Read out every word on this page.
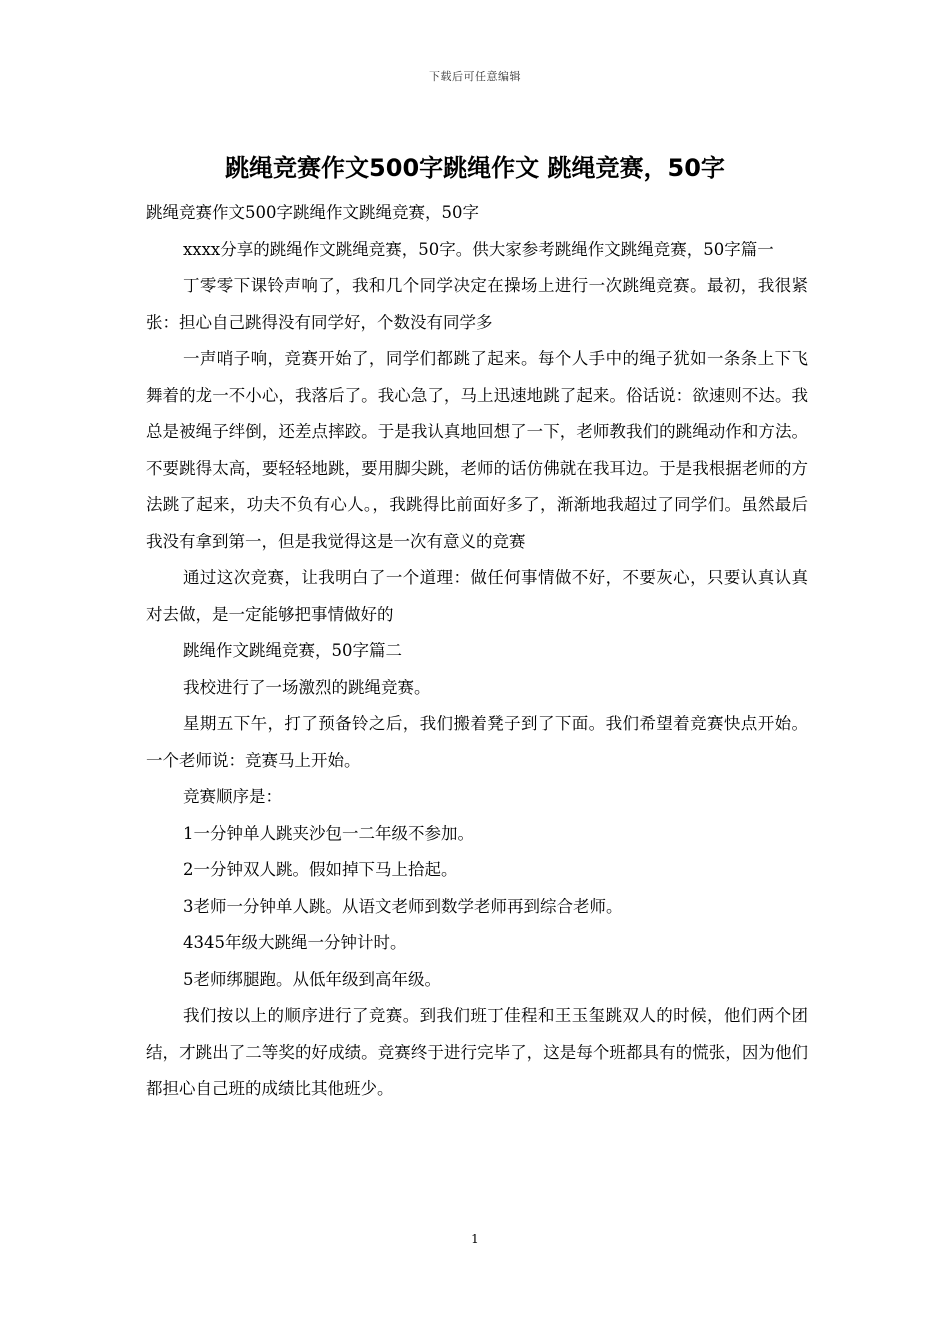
下载后可任意编辑
跳绳竞赛作文500字跳绳作文 跳绳竞赛，50字

跳绳竞赛作文500字跳绳作文跳绳竞赛，50字

xxxx分享的跳绳作文跳绳竞赛，50字。供大家参考跳绳作文跳绳竞赛，50字篇一

丁零零下课铃声响了，我和几个同学决定在操场上进行一次跳绳竞赛。最初，我很紧张：担心自己跳得没有同学好，个数没有同学多

一声哨子响，竞赛开始了，同学们都跳了起来。每个人手中的绳子犹如一条条上下飞舞着的龙一不小心，我落后了。我心急了，马上迅速地跳了起来。俗话说：欲速则不达。我总是被绳子绊倒，还差点摔跤。于是我认真地回想了一下，老师教我们的跳绳动作和方法。不要跳得太高，要轻轻地跳，要用脚尖跳，老师的话仿佛就在我耳边。于是我根据老师的方法跳了起来，功夫不负有心人。，我跳得比前面好多了，渐渐地我超过了同学们。虽然最后我没有拿到第一，但是我觉得这是一次有意义的竞赛

通过这次竞赛，让我明白了一个道理：做任何事情做不好，不要灰心，只要认真认真对去做，是一定能够把事情做好的

跳绳作文跳绳竞赛，50字篇二

我校进行了一场激烈的跳绳竞赛。

星期五下午，打了预备铃之后，我们搬着凳子到了下面。我们希望着竞赛快点开始。一个老师说：竞赛马上开始。

竞赛顺序是：

1一分钟单人跳夹沙包一二年级不参加。

2一分钟双人跳。假如掉下马上拾起。

3老师一分钟单人跳。从语文老师到数学老师再到综合老师。

4345年级大跳绳一分钟计时。

5老师绑腿跑。从低年级到高年级。

我们按以上的顺序进行了竞赛。到我们班丁佳程和王玉玺跳双人的时候，他们两个团结，才跳出了二等奖的好成绩。竞赛终于进行完毕了，这是每个班都具有的慌张，因为他们都担心自己班的成绩比其他班少。

1
